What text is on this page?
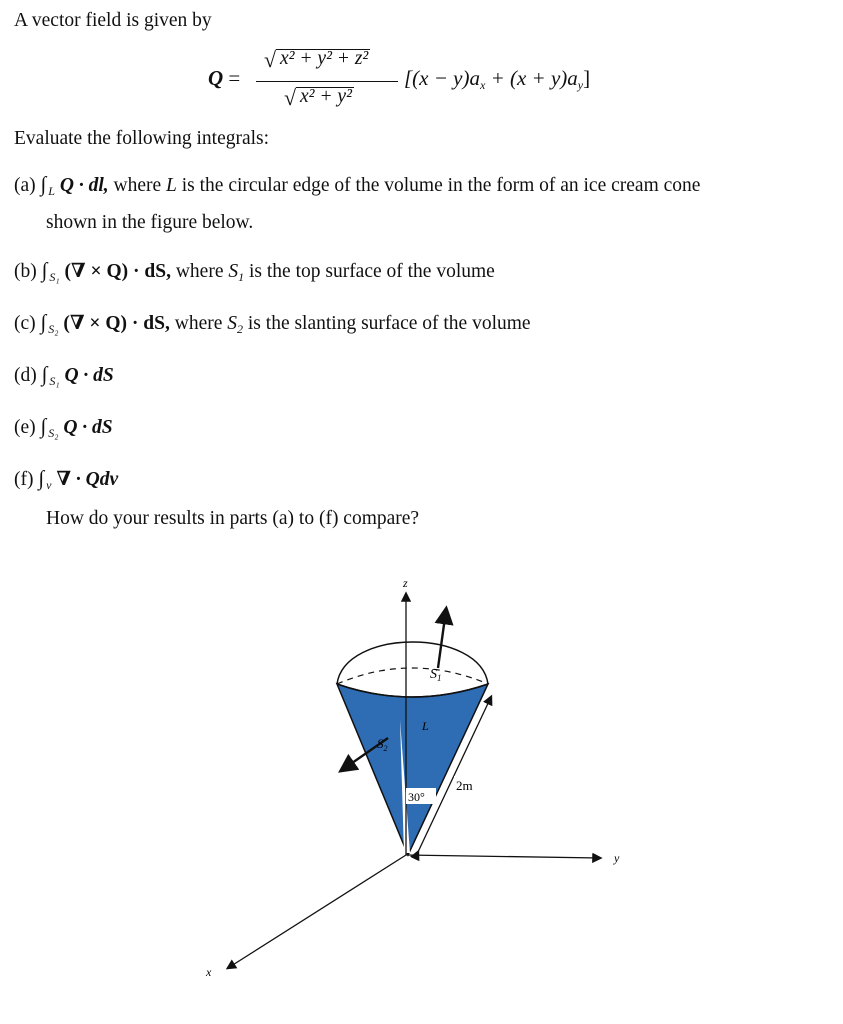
A vector field is given by
Q =
√ x² + y² + z²
√ x² + y²
$[(x - y)a_x + (x + y)a_y]$
Evaluate the following integrals:
(a) ∫ $_L$ Q · dl, where L is the circular edge of the volume in the form of an ice cream cone
shown in the figure below.
(b) ∫ $_{S_1}$ (∇ × Q) · dS, where $S_1$ is the top surface of the volume
(c) ∫ $_{S_2}$ (∇ × Q) · dS, where $S_2$ is the slanting surface of the volume
(d) ∫ $_{S_1}$ Q · dS
(e) ∫ $_{S_2}$ Q · dS
(f) ∫ $_v$ ∇ · Qdv
How do your results in parts (a) to (f) compare?
z
y
x
$S_1$
$S_2$
L
30°
2m
